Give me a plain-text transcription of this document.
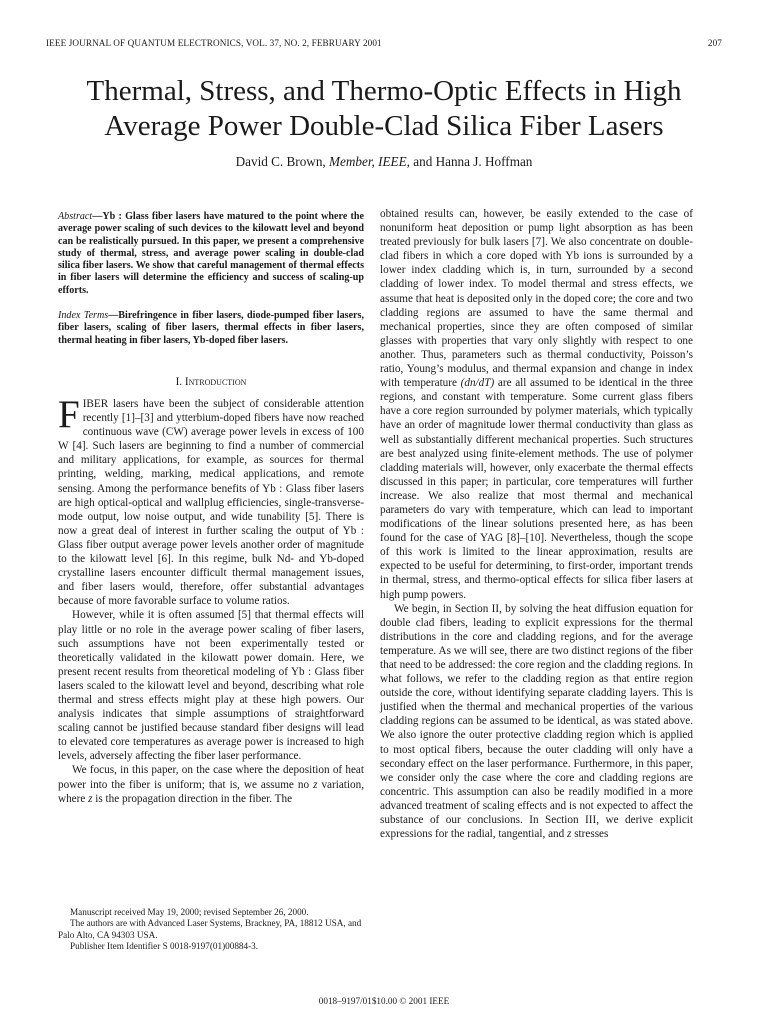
IEEE JOURNAL OF QUANTUM ELECTRONICS, VOL. 37, NO. 2, FEBRUARY 2001	207
Thermal, Stress, and Thermo-Optic Effects in High Average Power Double-Clad Silica Fiber Lasers
David C. Brown, Member, IEEE, and Hanna J. Hoffman
Abstract—Yb : Glass fiber lasers have matured to the point where the average power scaling of such devices to the kilowatt level and beyond can be realistically pursued. In this paper, we present a comprehensive study of thermal, stress, and average power scaling in double-clad silica fiber lasers. We show that careful management of thermal effects in fiber lasers will determine the efficiency and success of scaling-up efforts.
Index Terms—Birefringence in fiber lasers, diode-pumped fiber lasers, fiber lasers, scaling of fiber lasers, thermal effects in fiber lasers, thermal heating in fiber lasers, Yb-doped fiber lasers.
I. Introduction

FIBER lasers have been the subject of considerable attention recently [1]–[3] and ytterbium-doped fibers have now reached continuous wave (CW) average power levels in excess of 100 W [4]. Such lasers are beginning to find a number of commercial and military applications, for example, as sources for thermal printing, welding, marking, medical applications, and remote sensing. Among the performance benefits of Yb : Glass fiber lasers are high optical-optical and wallplug efficiencies, single-transverse-mode output, low noise output, and wide tunability [5]. There is now a great deal of interest in further scaling the output of Yb : Glass fiber output average power levels another order of magnitude to the kilowatt level [6]. In this regime, bulk Nd- and Yb-doped crystalline lasers encounter difficult thermal management issues, and fiber lasers would, therefore, offer substantial advantages because of more favorable surface to volume ratios.

However, while it is often assumed [5] that thermal effects will play little or no role in the average power scaling of fiber lasers, such assumptions have not been experimentally tested or theoretically validated in the kilowatt power domain. Here, we present recent results from theoretical modeling of Yb : Glass fiber lasers scaled to the kilowatt level and beyond, describing what role thermal and stress effects might play at these high powers. Our analysis indicates that simple assumptions of straightforward scaling cannot be justified because standard fiber designs will lead to elevated core temperatures as average power is increased to high levels, adversely affecting the fiber laser performance.

We focus, in this paper, on the case where the deposition of heat power into the fiber is uniform; that is, we assume no z variation, where z is the propagation direction in the fiber. The

obtained results can, however, be easily extended to the case of nonuniform heat deposition or pump light absorption as has been treated previously for bulk lasers [7]. We also concentrate on double-clad fibers in which a core doped with Yb ions is surrounded by a lower index cladding which is, in turn, surrounded by a second cladding of lower index. To model thermal and stress effects, we assume that heat is deposited only in the doped core; the core and two cladding regions are assumed to have the same thermal and mechanical properties, since they are often composed of similar glasses with properties that vary only slightly with respect to one another. Thus, parameters such as thermal conductivity, Poisson’s ratio, Young’s modulus, and thermal expansion and change in index with temperature (dn/dT) are all assumed to be identical in the three regions, and constant with temperature. Some current glass fibers have a core region surrounded by polymer materials, which typically have an order of magnitude lower thermal conductivity than glass as well as substantially different mechanical properties. Such structures are best analyzed using finite-element methods. The use of polymer cladding materials will, however, only exacerbate the thermal effects discussed in this paper; in particular, core temperatures will further increase. We also realize that most thermal and mechanical parameters do vary with temperature, which can lead to important modifications of the linear solutions presented here, as has been found for the case of YAG [8]–[10]. Nevertheless, though the scope of this work is limited to the linear approximation, results are expected to be useful for determining, to first-order, important trends in thermal, stress, and thermo-optical effects for silica fiber lasers at high pump powers.

We begin, in Section II, by solving the heat diffusion equation for double clad fibers, leading to explicit expressions for the thermal distributions in the core and cladding regions, and for the average temperature. As we will see, there are two distinct regions of the fiber that need to be addressed: the core region and the cladding regions. In what follows, we refer to the cladding region as that entire region outside the core, without identifying separate cladding layers. This is justified when the thermal and mechanical properties of the various cladding regions can be assumed to be identical, as was stated above. We also ignore the outer protective cladding region which is applied to most optical fibers, because the outer cladding will only have a secondary effect on the laser performance. Furthermore, in this paper, we consider only the case where the core and cladding regions are concentric. This assumption can also be readily modified in a more advanced treatment of scaling effects and is not expected to affect the substance of our conclusions. In Section III, we derive explicit expressions for the radial, tangential, and z stresses

Manuscript received May 19, 2000; revised September 26, 2000.

The authors are with Advanced Laser Systems, Brackney, PA, 18812 USA, and Palo Alto, CA 94303 USA.

Publisher Item Identifier S 0018-9197(01)00884-3.

0018–9197/01$10.00 © 2001 IEEE
